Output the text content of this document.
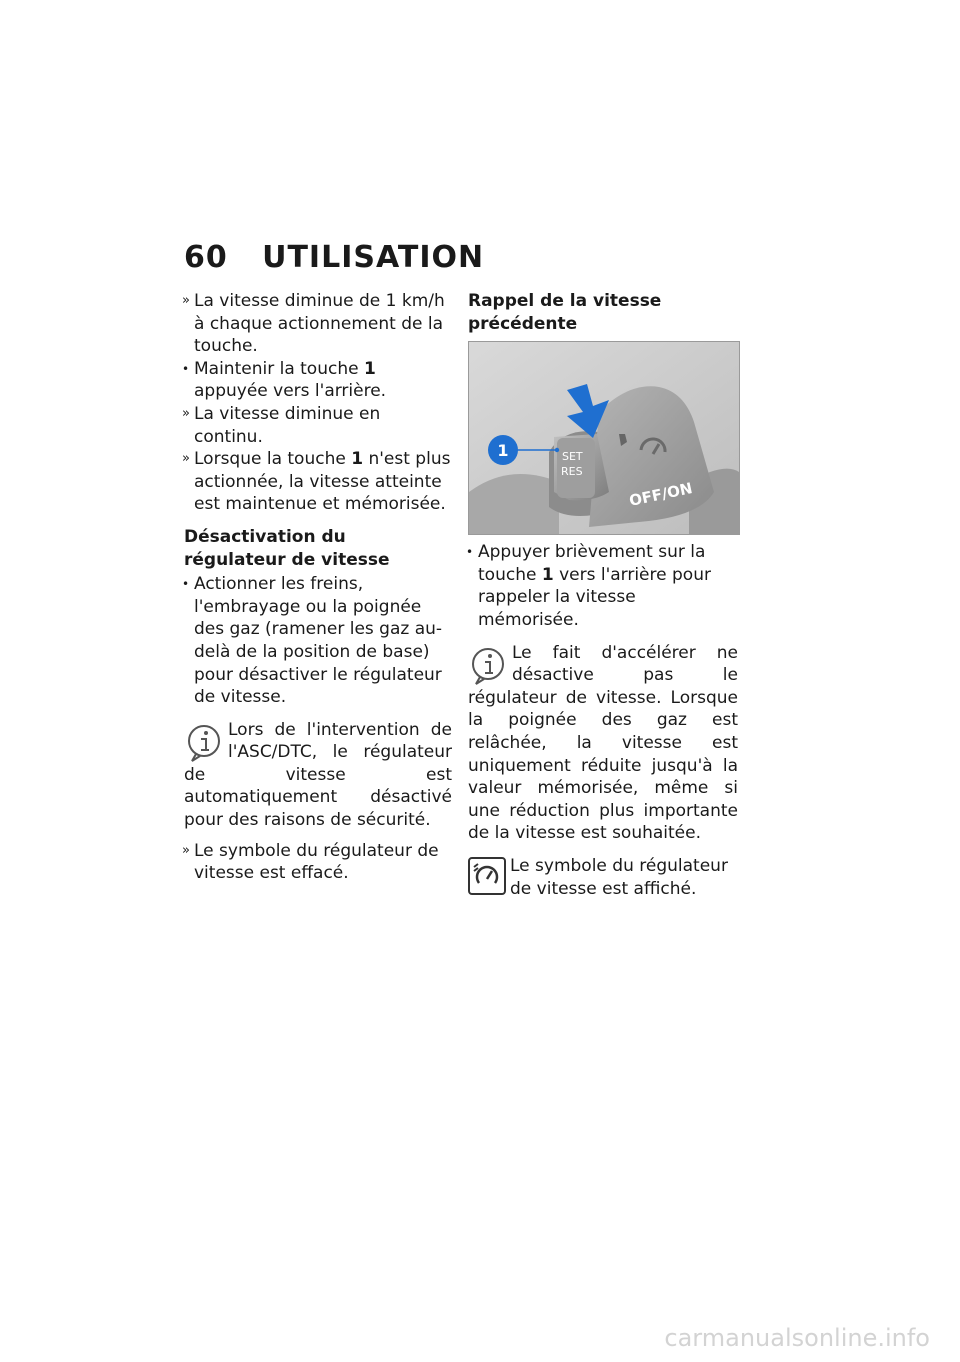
60 UTILISATION

» La vitesse diminue de 1 km/h à chaque actionnement de la touche.

• Maintenir la touche 1 appuyée vers l'arrière.

» La vitesse diminue en continu.

» Lorsque la touche 1 n'est plus actionnée, la vitesse atteinte est maintenue et mémorisée.

Désactivation du régulateur de vitesse

• Actionner les freins, l'embrayage ou la poignée des gaz (ramener les gaz au-delà de la position de base) pour désactiver le régulateur de vitesse.

Lors de l'intervention de l'ASC/DTC, le régulateur de vitesse est automatiquement désactivé pour des raisons de sécurité.

» Le symbole du régulateur de vitesse est effacé.

Rappel de la vitesse précédente
SET
RES
OFF/ON
1

• Appuyer brièvement sur la touche 1 vers l'arrière pour rappeler la vitesse mémorisée.

Le fait d'accélérer ne désactive pas le régulateur de vitesse. Lorsque la poignée des gaz est relâchée, la vitesse est uniquement réduite jusqu'à la valeur mémorisée, même si une réduction plus importante de la vitesse est souhaitée.
Le symbole du régulateur de vitesse est affiché.
carmanualsonline.info
